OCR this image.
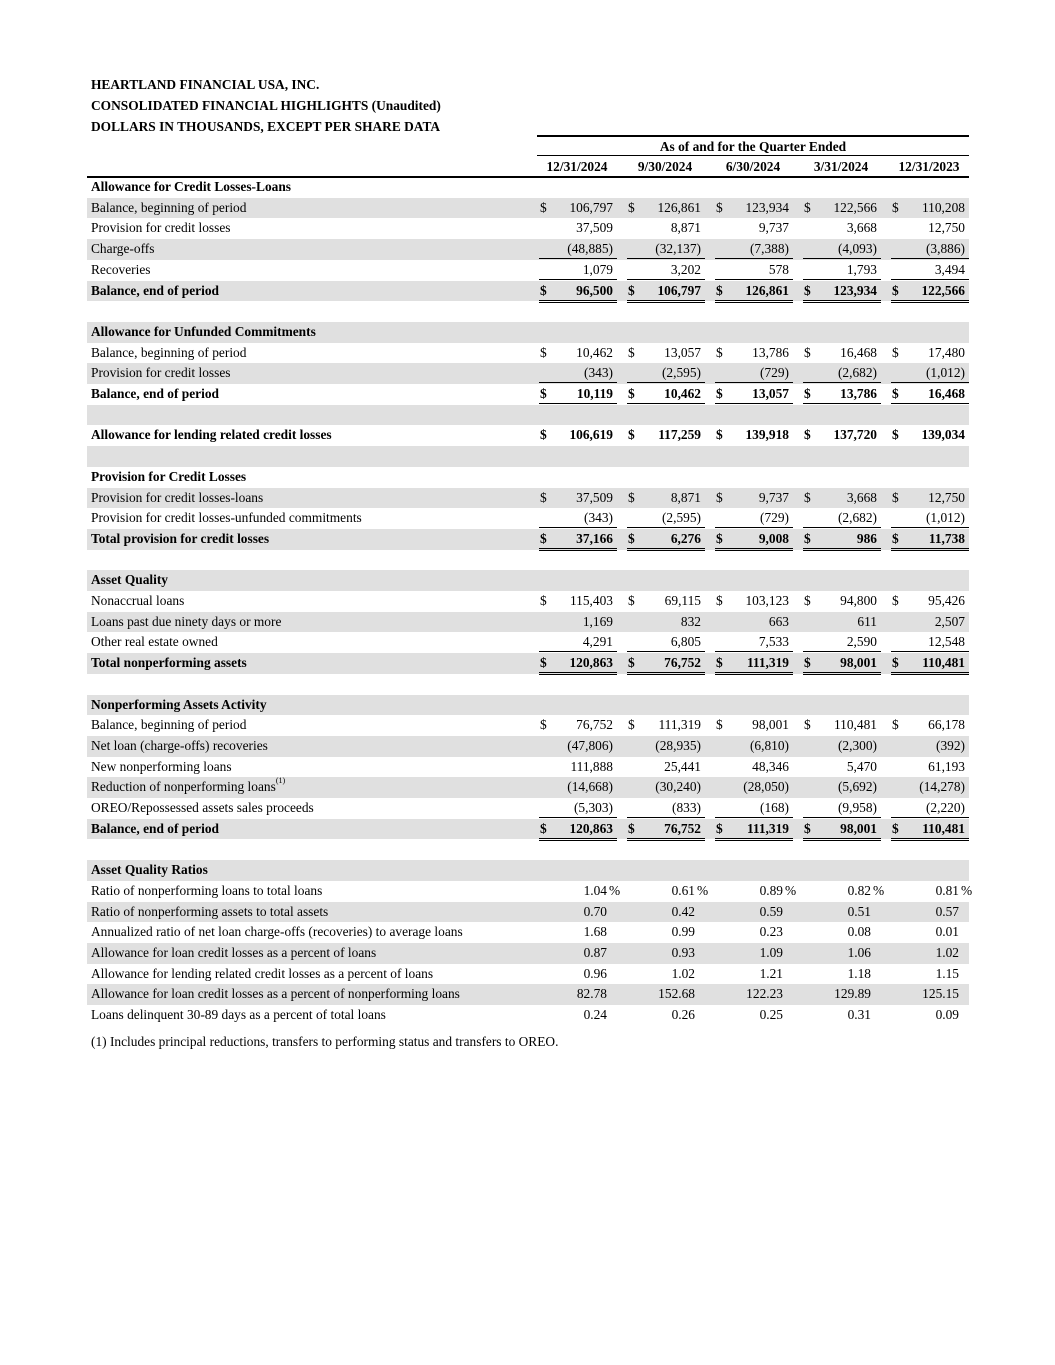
HEARTLAND FINANCIAL USA, INC.
CONSOLIDATED FINANCIAL HIGHLIGHTS (Unaudited)
DOLLARS IN THOUSANDS, EXCEPT PER SHARE DATA
As of and for the Quarter Ended
12/31/2024	9/30/2024	6/30/2024	3/31/2024	12/31/2023
Allowance for Credit Losses-Loans
Balance, beginning of period	$ 106,797 $ 126,861 $ 123,934 $ 122,566 $ 110,208
Provision for credit losses	37,509	8,871	9,737	3,668	12,750
Charge-offs	(48,885)	(32,137)	(7,388)	(4,093)	(3,886)
Recoveries	1,079	3,202	578	1,793	3,494
Balance, end of period	$ 96,500 $ 106,797 $ 126,861 $ 123,934 $ 122,566
Allowance for Unfunded Commitments
Balance, beginning of period	$ 10,462 $ 13,057 $ 13,786 $ 16,468 $ 17,480
Provision for credit losses	(343)	(2,595)	(729)	(2,682)	(1,012)
Balance, end of period	$ 10,119 $ 10,462 $ 13,057 $ 13,786 $ 16,468
Allowance for lending related credit losses	$ 106,619 $ 117,259 $ 139,918 $ 137,720 $ 139,034
Provision for Credit Losses
Provision for credit losses-loans	$ 37,509 $	8,871 $	9,737 $	3,668 $ 12,750
Provision for credit losses-unfunded commitments	(343)	(2,595)	(729)	(2,682)	(1,012)
Total provision for credit losses	$ 37,166 $	6,276 $	9,008 $	986 $ 11,738
Asset Quality
Nonaccrual loans	$ 115,403 $ 69,115 $ 103,123 $ 94,800 $ 95,426
Loans past due ninety days or more	1,169	832	663	611	2,507
Other real estate owned	4,291	6,805	7,533	2,590	12,548
Total nonperforming assets	$ 120,863 $ 76,752 $ 111,319 $ 98,001 $ 110,481
Nonperforming Assets Activity
Balance, beginning of period	$ 76,752 $ 111,319 $ 98,001 $ 110,481 $ 66,178
Net loan (charge-offs) recoveries	(47,806)	(28,935)	(6,810)	(2,300)	(392)
New nonperforming loans	111,888	25,441	48,346	5,470	61,193
Reduction of nonperforming loans$^{(1)}$	(14,668)	(30,240)	(28,050)	(5,692)	(14,278)
OREO/Repossessed assets sales proceeds	(5,303)	(833)	(168)	(9,958)	(2,220)
Balance, end of period	$ 120,863 $ 76,752 $ 111,319 $ 98,001 $ 110,481
Asset Quality Ratios
Ratio of nonperforming loans to total loans	1.04 %	0.61 %	0.89 %	0.82 %	0.81 %
Ratio of nonperforming assets to total assets	0.70	0.42	0.59	0.51	0.57
Annualized ratio of net loan charge-offs (recoveries) to average loans	1.68	0.99	0.23	0.08	0.01
Allowance for loan credit losses as a percent of loans	0.87	0.93	1.09	1.06	1.02
Allowance for lending related credit losses as a percent of loans	0.96	1.02	1.21	1.18	1.15
Allowance for loan credit losses as a percent of nonperforming loans	82.78	152.68	122.23	129.89	125.15
Loans delinquent 30-89 days as a percent of total loans	0.24	0.26	0.25	0.31	0.09
(1) Includes principal reductions, transfers to performing status and transfers to OREO.
